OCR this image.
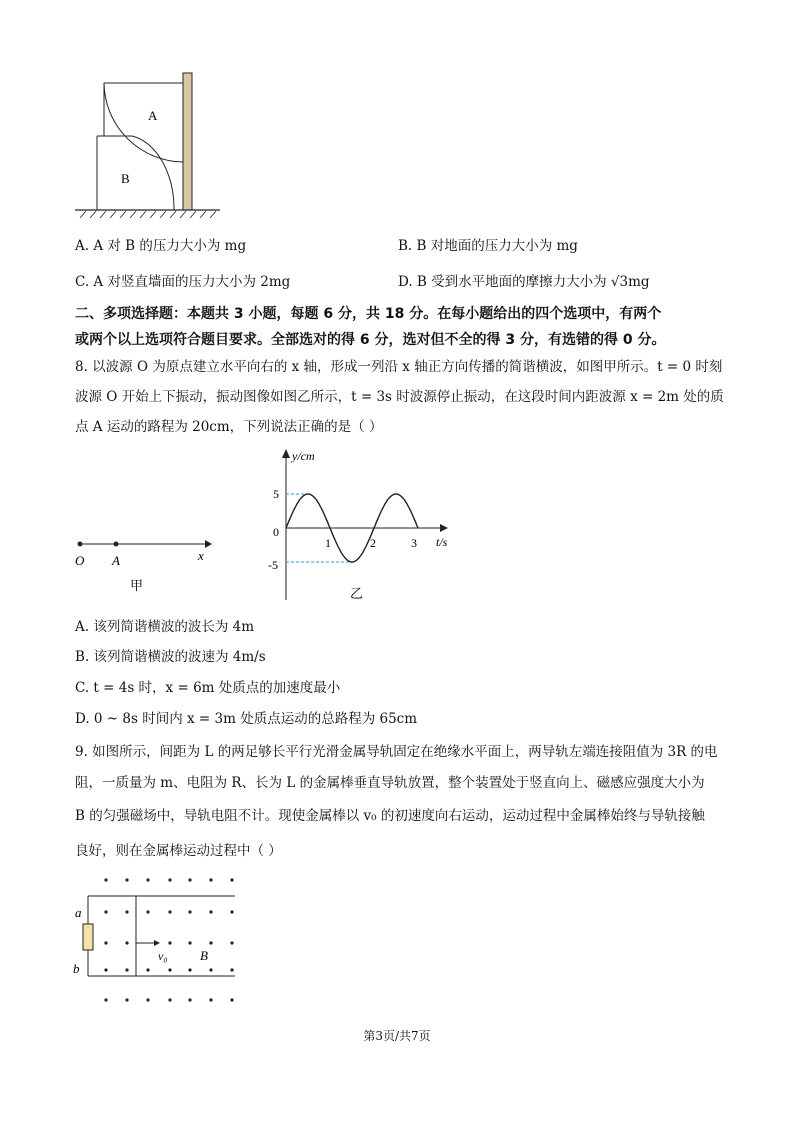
A
B
A. A 对 B 的压力大小为 mg	B. B 对地面的压力大小为 mg
C. A 对竖直墙面的压力大小为 2mg	D. B 受到水平地面的摩擦力大小为 √3mg
二、多项选择题：本题共 3 小题，每题 6 分，共 18 分。在每小题给出的四个选项中，有两个
或两个以上选项符合题目要求。全部选对的得 6 分，选对但不全的得 3 分，有选错的得 0 分。
8. 以波源 O 为原点建立水平向右的 x 轴，形成一列沿 x 轴正方向传播的简谐横波，如图甲所示。t = 0 时刻
波源 O 开始上下振动，振动图像如图乙所示，t = 3s 时波源停止振动，在这段时间内距波源 x = 2m 处的质
点 A 运动的路程为 20cm，下列说法正确的是（ ）
O A	x
甲
y/cm
t/s
5
0
-5
1	2	3
乙
A. 该列简谐横波的波长为 4m
B. 该列简谐横波的波速为 4m/s
C. t = 4s 时，x = 6m 处质点的加速度最小
D. 0 ~ 8s 时间内 x = 3m 处质点运动的总路程为 65cm
9. 如图所示，间距为 L 的两足够长平行光滑金属导轨固定在绝缘水平面上，两导轨左端连接阻值为 3R 的电
阻，一质量为 m、电阻为 R、长为 L 的金属棒垂直导轨放置，整个装置处于竖直向上、磁感应强度大小为
B 的匀强磁场中，导轨电阻不计。现使金属棒以 v₀ 的初速度向右运动，运动过程中金属棒始终与导轨接触
良好，则在金属棒运动过程中（ ）
a
b
v₀	B
第3页/共7页
